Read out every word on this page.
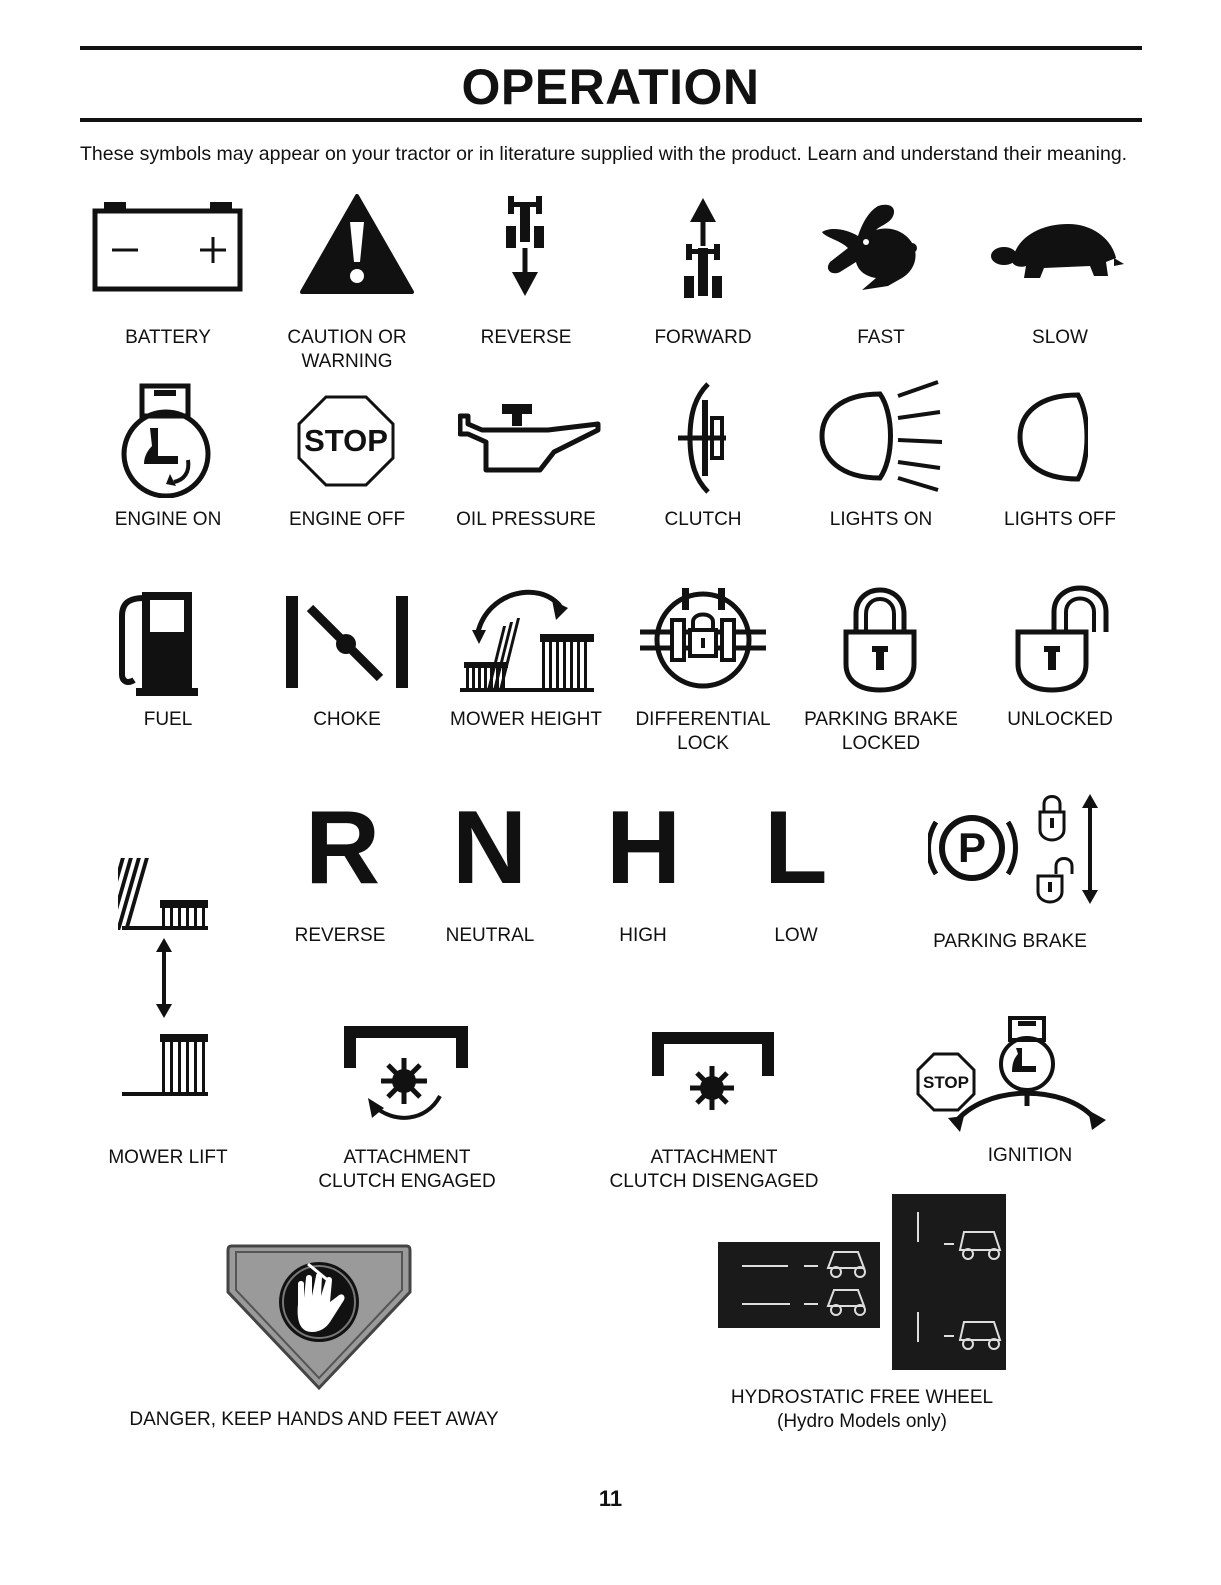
OPERATION
These symbols may appear on your tractor or in literature supplied with the product. Learn and understand their meaning.
BATTERY	CAUTION OR
WARNING
REVERSE	FORWARD	FAST	SLOW
ENGINE ON
STOP
ENGINE OFF	OIL PRESSURE	CLUTCH	LIGHTS ON	LIGHTS OFF
FUEL	CHOKE	MOWER HEIGHT DIFFERENTIAL
LOCK
PARKING BRAKE
LOCKED
UNLOCKED
R
REVERSE
N
NEUTRAL
H
HIGH
L
LOW
P
PARKING BRAKE
MOWER LIFT	ATTACHMENT
CLUTCH ENGAGED
ATTACHMENT
CLUTCH DISENGAGED
STOP
IGNITION
DANGER, KEEP HANDS AND FEET AWAY
HYDROSTATIC FREE WHEEL
(Hydro Models only)
11
